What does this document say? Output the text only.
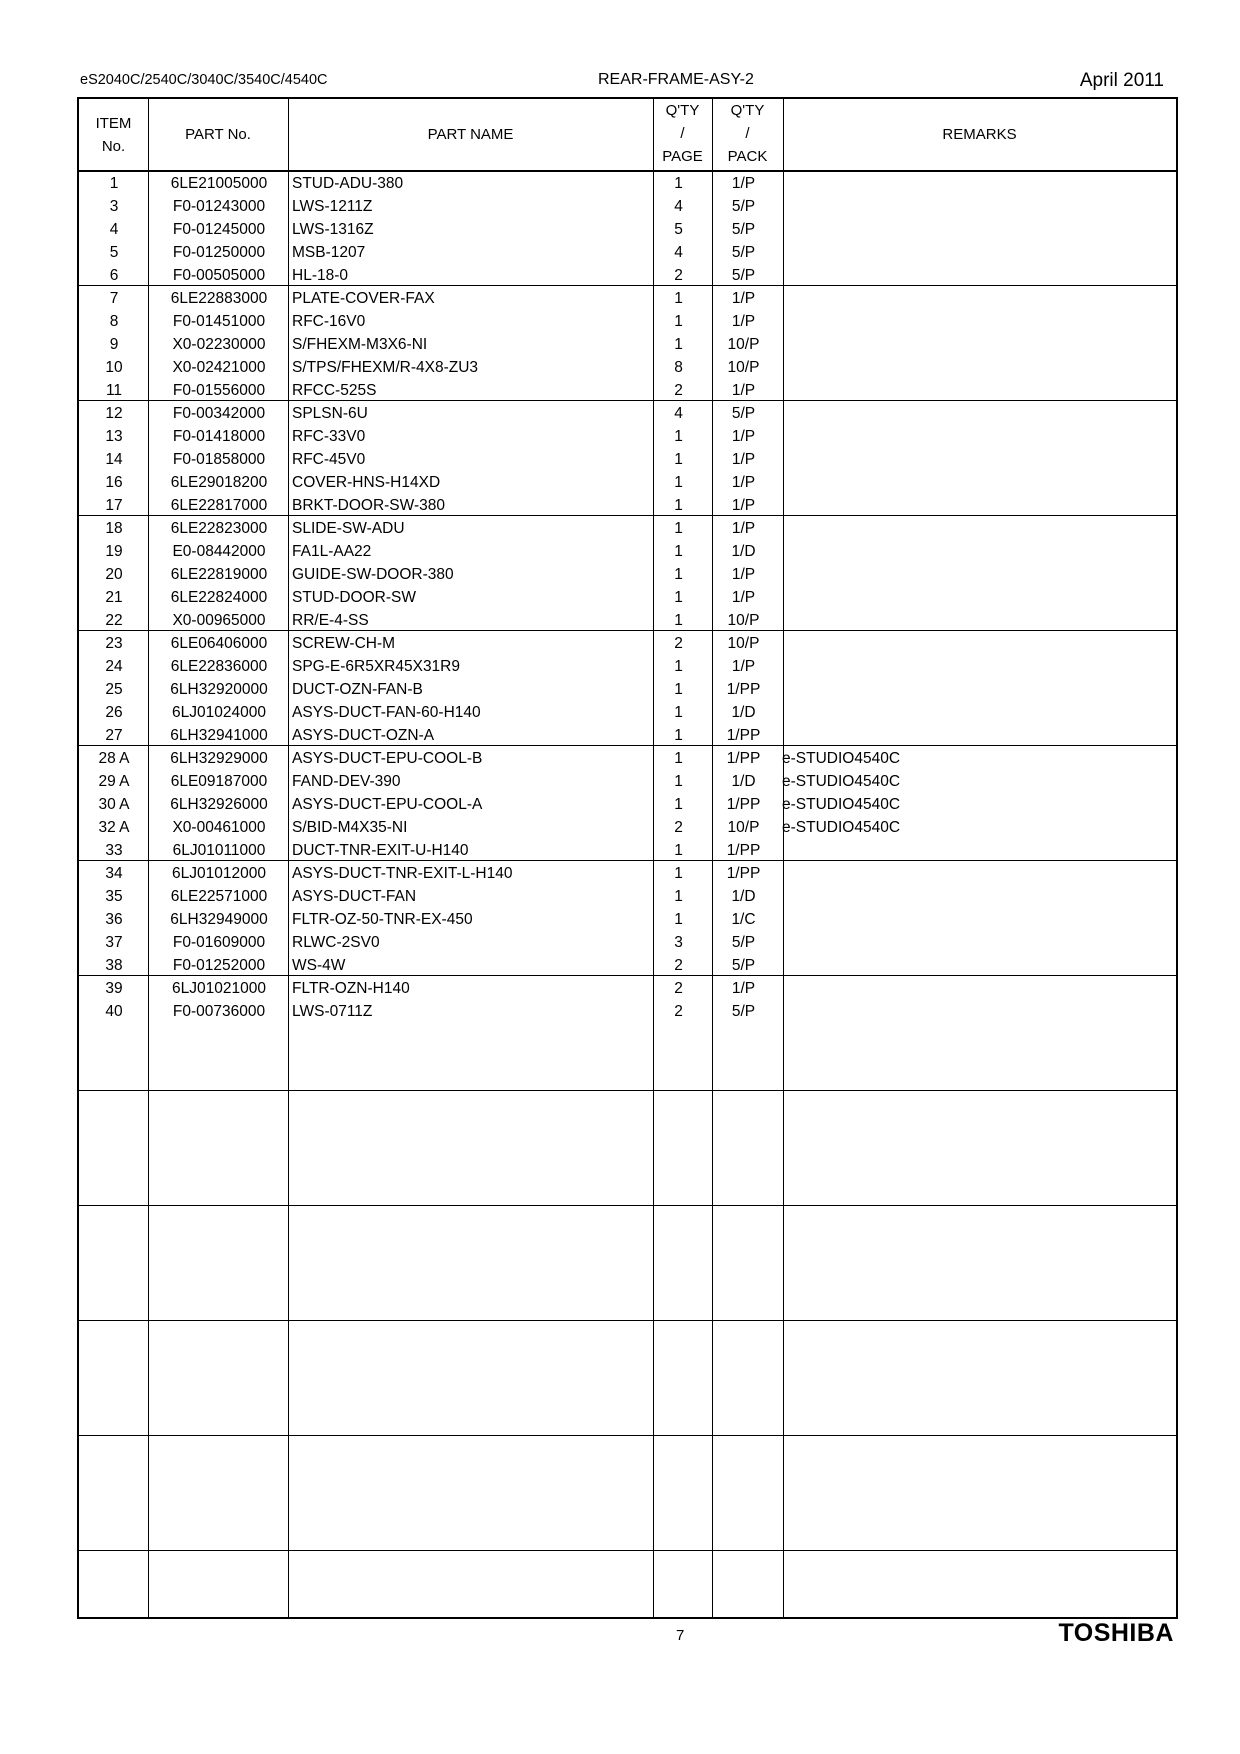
eS2040C/2540C/3040C/3540C/4540C	REAR-FRAME-ASY-2	April 2011
ITEM
No.
PART No.	PART NAME
Q'TY
/
PAGE
Q'TY
/
PACK
REMARKS
1	6LE21005000	STUD-ADU-380	1	1/P
3	F0-01243000	LWS-1211Z	4	5/P
4	F0-01245000	LWS-1316Z	5	5/P
5	F0-01250000	MSB-1207	4	5/P
6	F0-00505000	HL-18-0	2	5/P
7	6LE22883000	PLATE-COVER-FAX	1	1/P
8	F0-01451000	RFC-16V0	1	1/P
9	X0-02230000	S/FHEXM-M3X6-NI	1	10/P
10	X0-02421000	S/TPS/FHEXM/R-4X8-ZU3	8	10/P
11	F0-01556000	RFCC-525S	2	1/P
12	F0-00342000	SPLSN-6U	4	5/P
13	F0-01418000	RFC-33V0	1	1/P
14	F0-01858000	RFC-45V0	1	1/P
16	6LE29018200	COVER-HNS-H14XD	1	1/P
17	6LE22817000	BRKT-DOOR-SW-380	1	1/P
18	6LE22823000	SLIDE-SW-ADU	1	1/P
19	E0-08442000	FA1L-AA22	1	1/D
20	6LE22819000	GUIDE-SW-DOOR-380	1	1/P
21	6LE22824000	STUD-DOOR-SW	1	1/P
22	X0-00965000	RR/E-4-SS	1	10/P
23	6LE06406000	SCREW-CH-M	2	10/P
24	6LE22836000	SPG-E-6R5XR45X31R9	1	1/P
25	6LH32920000	DUCT-OZN-FAN-B	1	1/PP
26	6LJ01024000	ASYS-DUCT-FAN-60-H140	1	1/D
27	6LH32941000	ASYS-DUCT-OZN-A	1	1/PP
28 A	6LH32929000	ASYS-DUCT-EPU-COOL-B	1	1/PP	e-STUDIO4540C
29 A	6LE09187000	FAND-DEV-390	1	1/D	e-STUDIO4540C
30 A	6LH32926000	ASYS-DUCT-EPU-COOL-A	1	1/PP	e-STUDIO4540C
32 A	X0-00461000	S/BID-M4X35-NI	2	10/P	e-STUDIO4540C
33	6LJ01011000	DUCT-TNR-EXIT-U-H140	1	1/PP
34	6LJ01012000	ASYS-DUCT-TNR-EXIT-L-H140	1	1/PP
35	6LE22571000	ASYS-DUCT-FAN	1	1/D
36	6LH32949000	FLTR-OZ-50-TNR-EX-450	1	1/C
37	F0-01609000	RLWC-2SV0	3	5/P
38	F0-01252000	WS-4W	2	5/P
39	6LJ01021000	FLTR-OZN-H140	2	1/P
40	F0-00736000	LWS-0711Z	2	5/P
7	TOSHIBA
